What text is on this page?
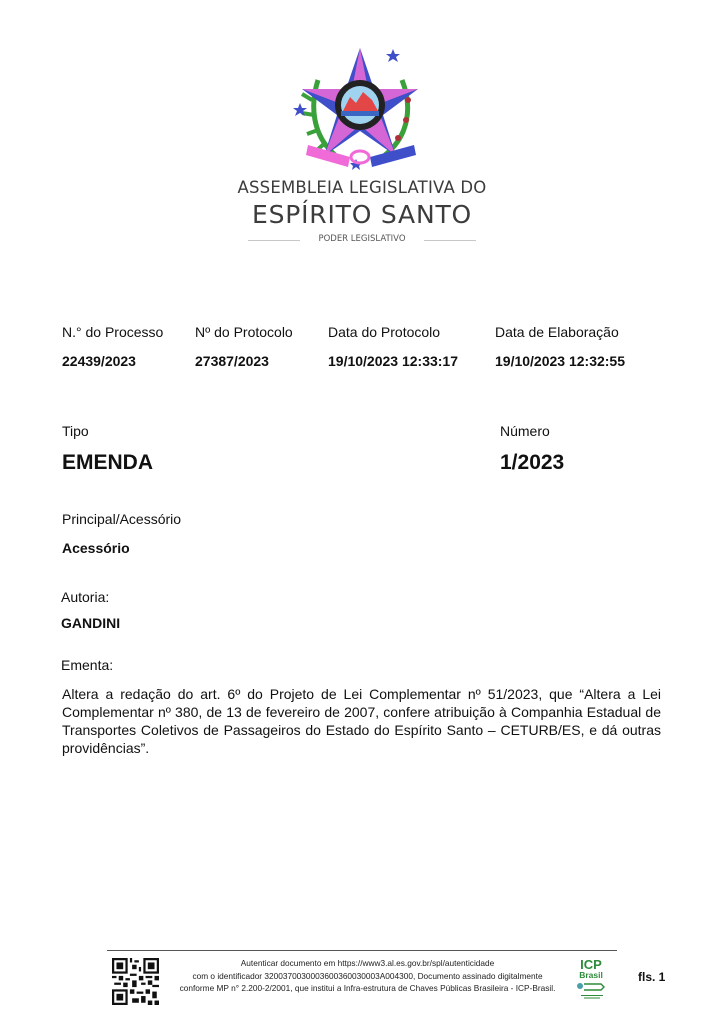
ASSEMBLEIA LEGISLATIVA DO
ESPÍRITO SANTO
PODER LEGISLATIVO
N.° do Processo
22439/2023
Nº do Protocolo
27387/2023
Data do Protocolo
19/10/2023 12:33:17
Data de Elaboração
19/10/2023 12:32:55
Tipo
EMENDA
Número
1/2023
Principal/Acessório
Acessório
Autoria:
GANDINI
Ementa:
Altera a redação do art. 6º do Projeto de Lei Complementar nº 51/2023, que “Altera a Lei Complementar nº 380, de 13 de fevereiro de 2007, confere atribuição à Companhia Estadual de Transportes Coletivos de Passageiros do Estado do Espírito Santo – CETURB/ES, e dá outras providências”.
Autenticar documento em https://www3.al.es.gov.br/spl/autenticidade
com o identificador 3200370030003600360030003A004300, Documento assinado digitalmente
conforme MP n° 2.200-2/2001, que institui a Infra-estrutura de Chaves Públicas Brasileira - ICP-Brasil.
ICP
Brasil	fls. 1
